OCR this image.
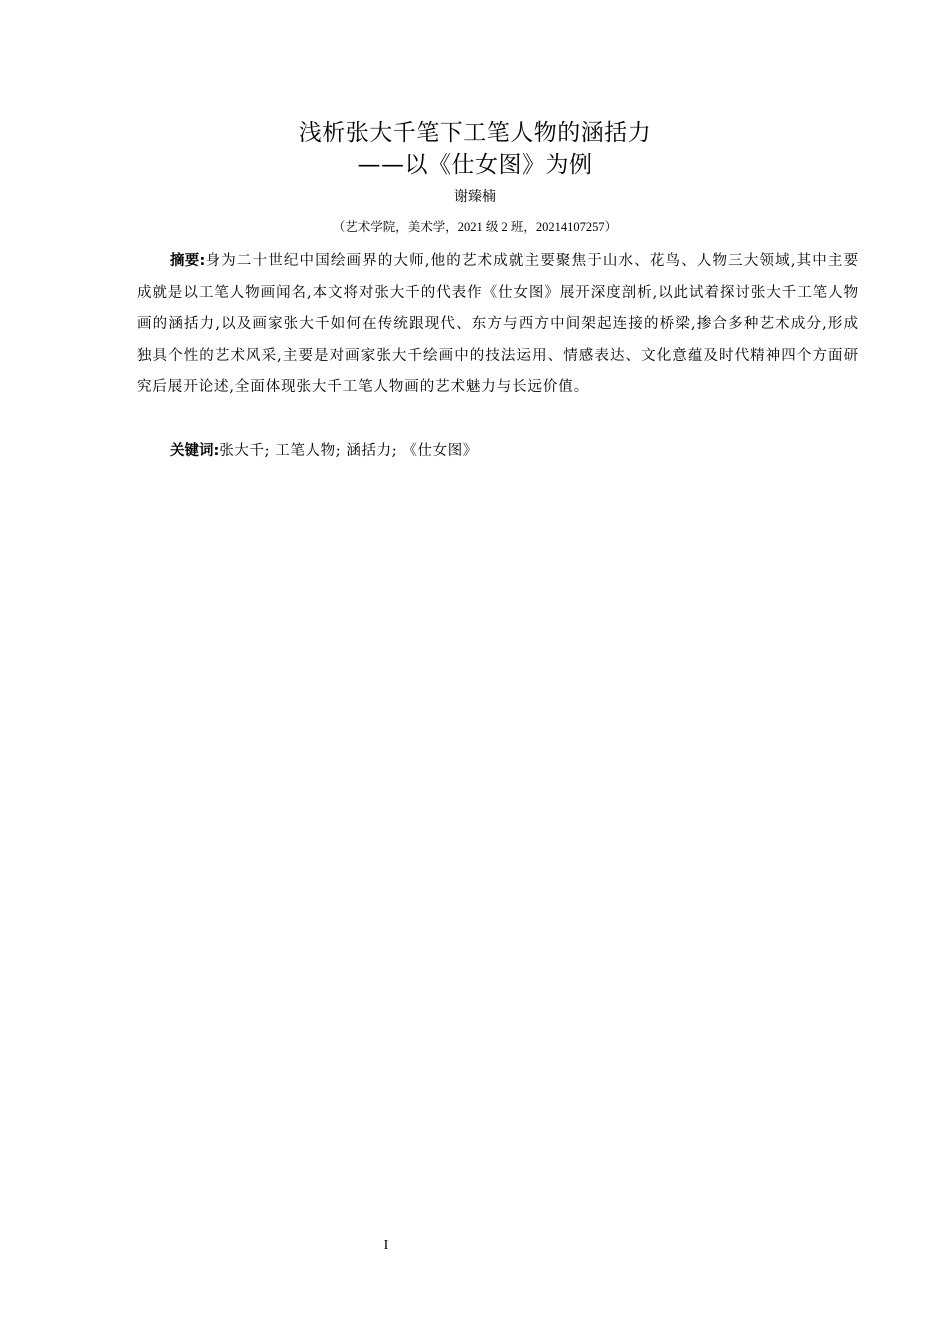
浅析张大千笔下工笔人物的涵括力
——以《仕女图》为例
谢臻楠
（艺术学院，美术学，2021 级 2 班，20214107257）

摘要:身为二十世纪中国绘画界的大师,他的艺术成就主要聚焦于山水、花鸟、人物三大领域,其中主要成就是以工笔人物画闻名,本文将对张大千的代表作《仕女图》展开深度剖析,以此试着探讨张大千工笔人物画的涵括力,以及画家张大千如何在传统跟现代、东方与西方中间架起连接的桥梁,掺合多种艺术成分,形成独具个性的艺术风采,主要是对画家张大千绘画中的技法运用、情感表达、文化意蕴及时代精神四个方面研究后展开论述,全面体现张大千工笔人物画的艺术魅力与长远价值。

关键词:张大千; 工笔人物; 涵括力; 《仕女图》

I
